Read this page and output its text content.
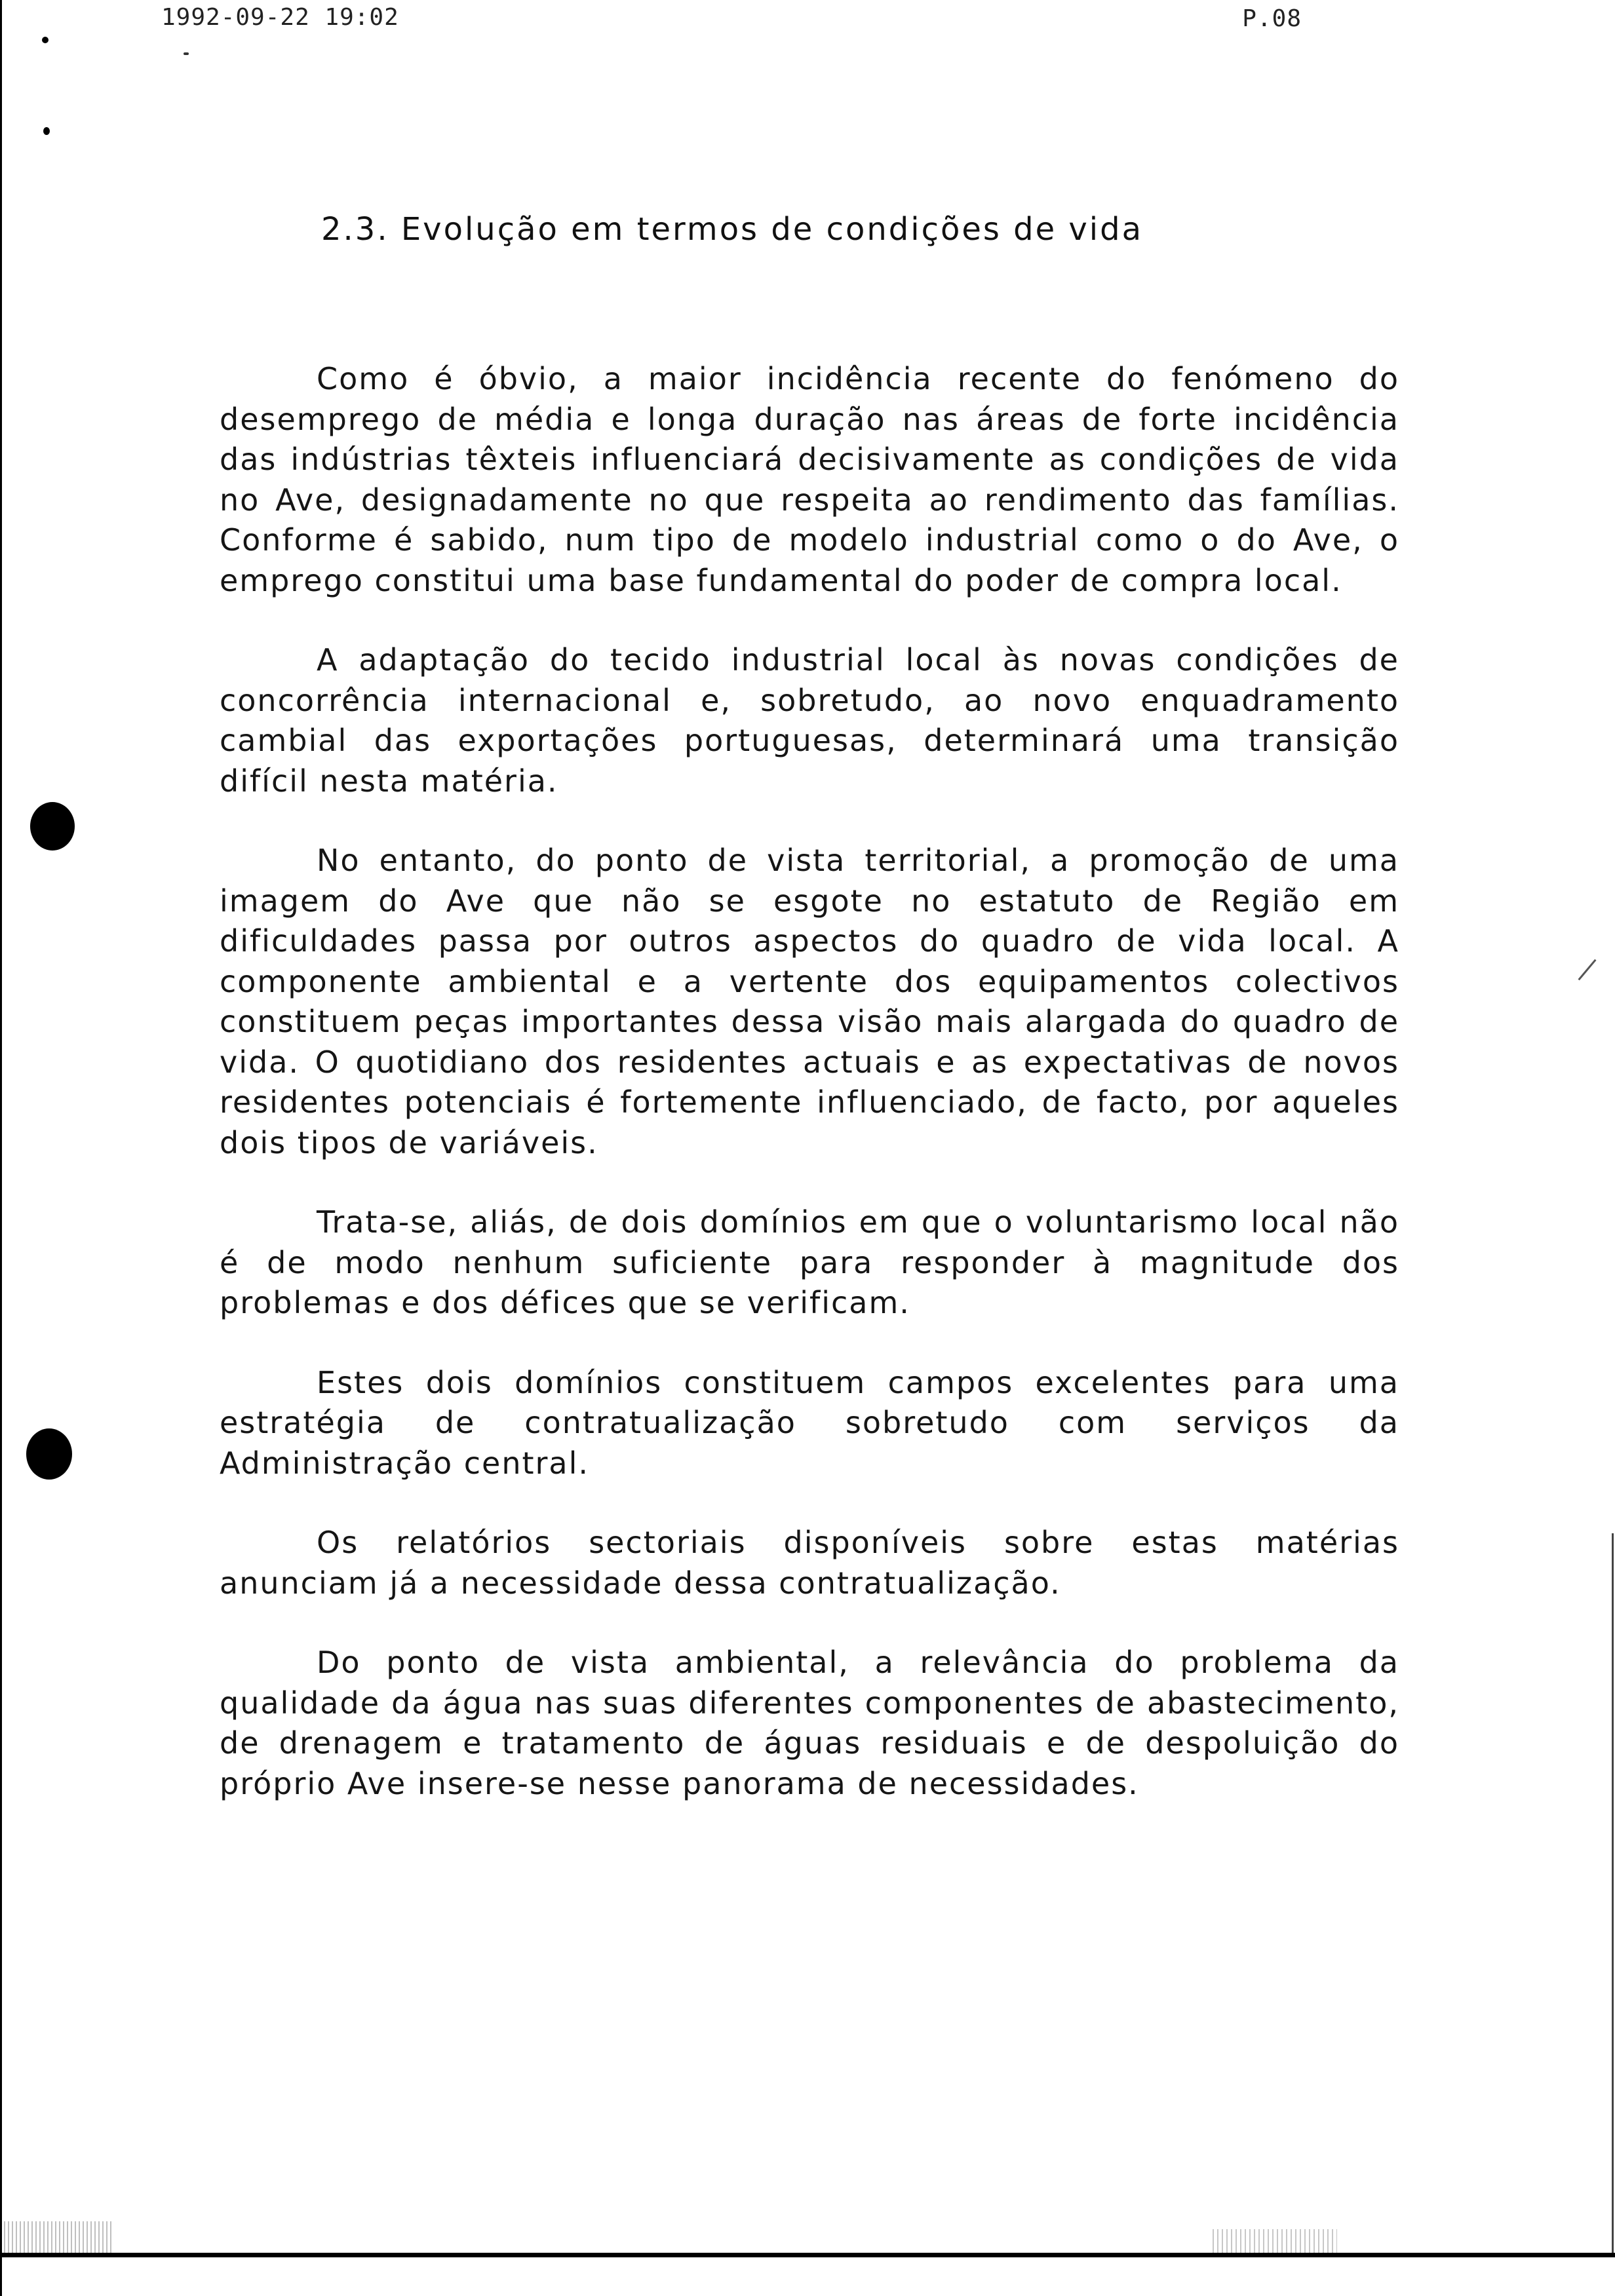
1992-09-22 19:02	P.08
2.3. Evolução em termos de condições de vida

Como é óbvio, a maior incidência recente do fenómeno do desemprego de média e longa duração nas áreas de forte incidência das indústrias têxteis influenciará decisivamente as condições de vida no Ave, designadamente no que respeita ao rendimento das famílias. Conforme é sabido, num tipo de modelo industrial como o do Ave, o emprego constitui uma base fundamental do poder de compra local.

A adaptação do tecido industrial local às novas condições de concorrência internacional e, sobretudo, ao novo enquadramento cambial das exportações portuguesas, determinará uma transição difícil nesta matéria.

No entanto, do ponto de vista territorial, a promoção de uma imagem do Ave que não se esgote no estatuto de Região em dificuldades passa por outros aspectos do quadro de vida local. A componente ambiental e a vertente dos equipamentos colectivos constituem peças importantes dessa visão mais alargada do quadro de vida. O quotidiano dos residentes actuais e as expectativas de novos residentes potenciais é fortemente influenciado, de facto, por aqueles dois tipos de variáveis.

Trata-se, aliás, de dois domínios em que o voluntarismo local não é de modo nenhum suficiente para responder à magnitude dos problemas e dos défices que se verificam.

Estes dois domínios constituem campos excelentes para uma estratégia de contratualização sobretudo com serviços da Administração central.

Os relatórios sectoriais disponíveis sobre estas matérias anunciam já a necessidade dessa contratualização.

Do ponto de vista ambiental, a relevância do problema da qualidade da água nas suas diferentes componentes de abastecimento, de drenagem e tratamento de águas residuais e de despoluição do próprio Ave insere-se nesse panorama de necessidades.
